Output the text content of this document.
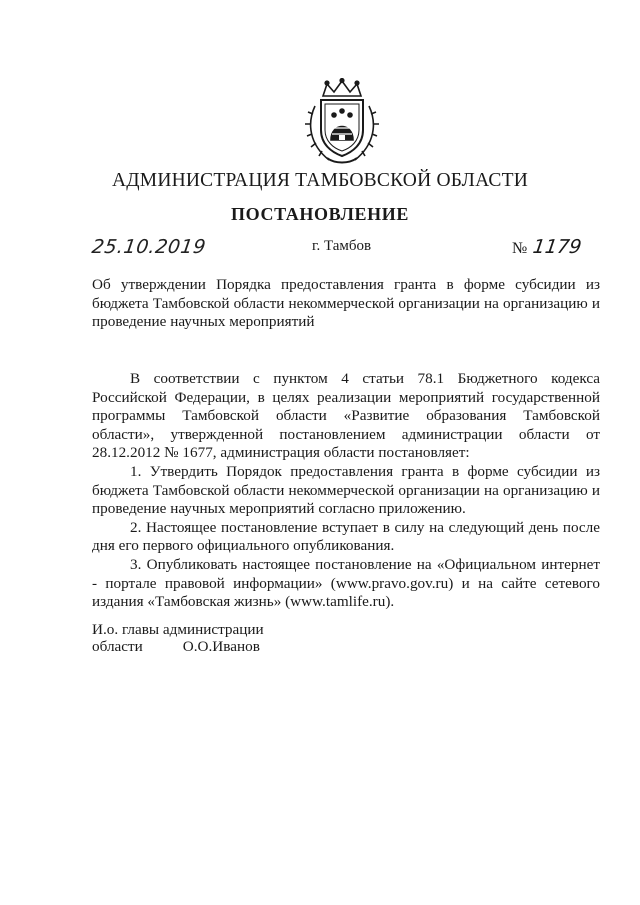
АДМИНИСТРАЦИЯ ТАМБОВСКОЙ ОБЛАСТИ
ПОСТАНОВЛЕНИЕ
25.10.2019	г. Тамбов	№ 1179
Об утверждении Порядка предоставления гранта в форме субсидии из бюджета Тамбовской области некоммерческой организации на организацию и проведение научных мероприятий

В соответствии с пунктом 4 статьи 78.1 Бюджетного кодекса Российской Федерации, в целях реализации мероприятий государственной программы Тамбовской области «Развитие образования Тамбовской области», утвержденной постановлением администрации области от 28.12.2012 № 1677, администрация области постановляет:

1. Утвердить Порядок предоставления гранта в форме субсидии из бюджета Тамбовской области некоммерческой организации на организацию и проведение научных мероприятий согласно приложению.

2. Настоящее постановление вступает в силу на следующий день после дня его первого официального опубликования.

3. Опубликовать настоящее постановление на «Официальном интернет - портале правовой информации» (www.pravo.gov.ru) и на сайте сетевого издания «Тамбовская жизнь» (www.tamlife.ru).

И.о. главы администрации
области	О.О.Иванов
